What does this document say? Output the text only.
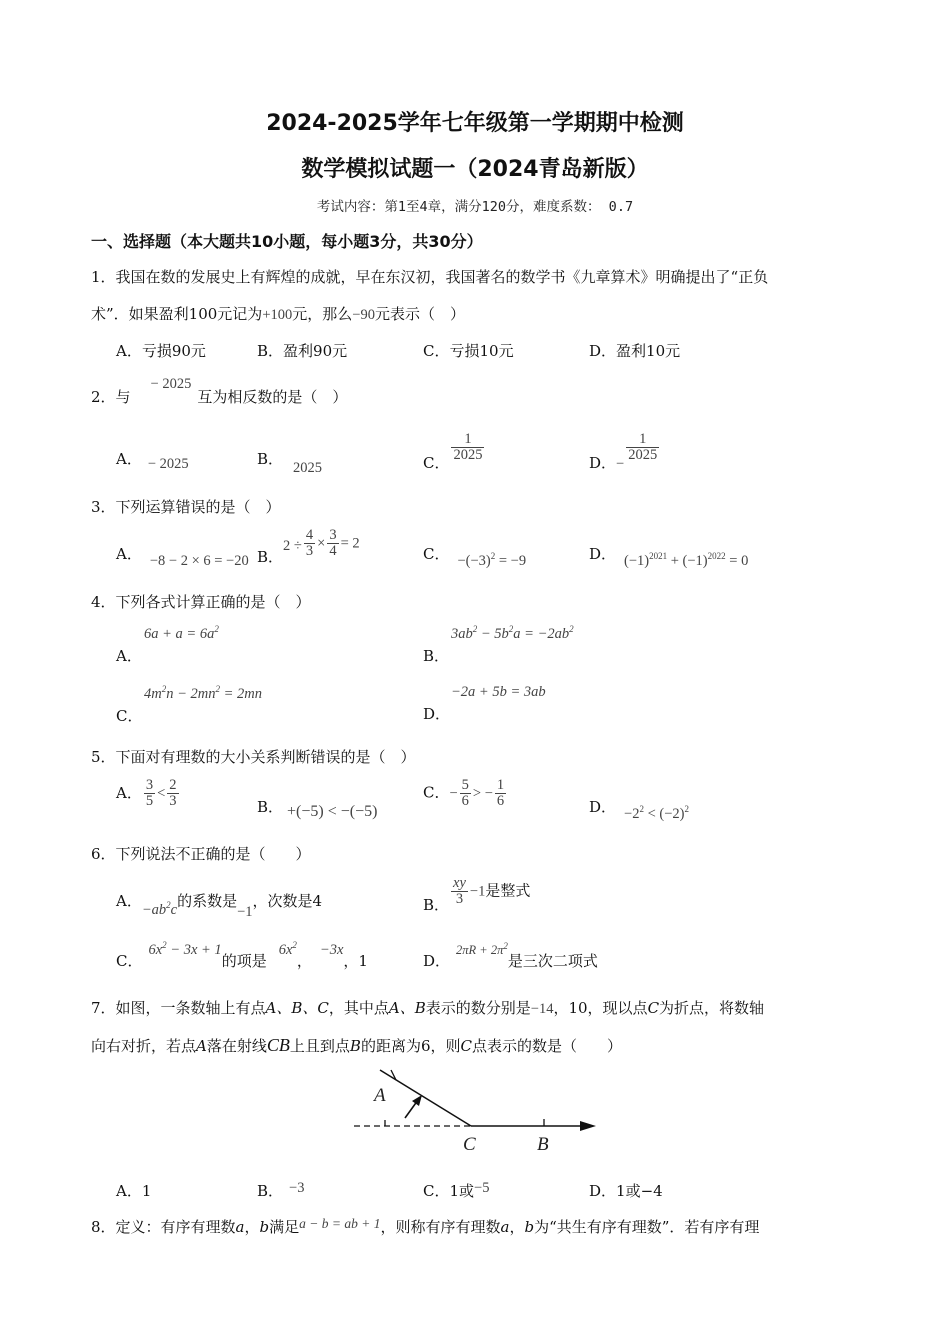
2024-2025学年七年级第一学期期中检测
数学模拟试题一（2024青岛新版）
考试内容：第1至4章，满分120分，难度系数： 0.7
一、选择题（本大题共10小题，每小题3分，共30分）
1．我国在数的发展史上有辉煌的成就，早在东汉初，我国著名的数学书《九章算术》明确提出了“正负
术”．如果盈利100元记为+100元，那么−90元表示（　）
A．亏损90元	B．盈利90元	C．亏损10元	D．盈利10元
2．与− 2025互为相反数的是（　）
A． − 2025	B． 2025	C． $\frac{1}{2025}$	D．−
$\frac{1}{2025}$
3．下列运算错误的是（　）
A． −8 − 2 × 6 = −20 B．$2 \div \frac{4}{3} \times \frac{3}{4} = 2$
C． $-(-3)^2 = -9$	D． $(-1)^{2021} + (-1)^{2022} = 0$
4．下列各式计算正确的是（　）
$6a + a = 6a^2$
A．
$3ab^2 - 5b^2a = -2ab^2$
B．
$4m^2n - 2mn^2 = 2mn$
C．
−2a + 5b = 3ab
D．
5．下面对有理数的大小关系判断错误的是（　）
A． $\frac{3}{5} < \frac{2}{3}$	B． +(−5) < −(−5)
C．− $\frac{5}{6}$ > − $\frac{1}{6}$	D． $-2^2 < (-2)^2$
6．下列说法不正确的是（　　）
A．$-ab^2c$的系数是−1，次数是4	B． $\frac{xy}{3} -1$是整式
C．$6x^2 - 3x + 1$的项是$6x^2$，−3x，1	D．$^{2\pi R + 2\pi^2}$是三次二项式
7．如图，一条数轴上有点A、B、C，其中点A、B表示的数分别是−14，10，现以点C为折点，将数轴
向右对折，若点A落在射线CB上且到点B的距离为6，则C点表示的数是（　　）
A
C	B
A．1	B． −3	C．1或−5	D．1或−4
8．定义：有序有理数a，b满足a − b = ab + 1，则称有序有理数a，b为“共生有序有理数”．若有序有理
